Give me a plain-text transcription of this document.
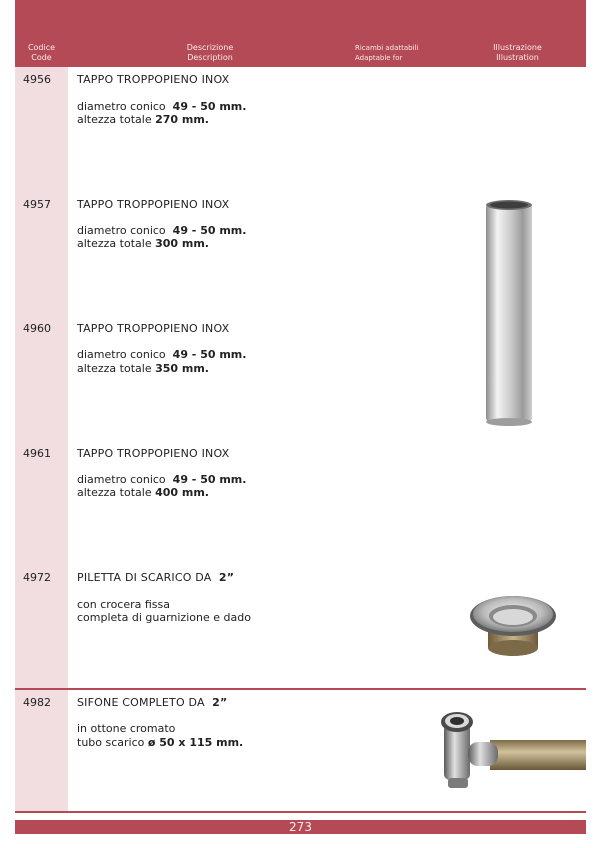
Codice
Code
Descrizione
Description
Ricambi adattabili
Adaptable for
Illustrazione
Illustration
4956 TAPPO TROPPOPIENO INOX
diametro conico 49 - 50 mm.
altezza totale 270 mm.
4957 TAPPO TROPPOPIENO INOX
diametro conico 49 - 50 mm.
altezza totale 300 mm.
4960 TAPPO TROPPOPIENO INOX
diametro conico 49 - 50 mm.
altezza totale 350 mm.
4961 TAPPO TROPPOPIENO INOX
diametro conico 49 - 50 mm.
altezza totale 400 mm.
4972 PILETTA DI SCARICO DA 2”
con crocera fissa
completa di guarnizione e dado
4982 SIFONE COMPLETO DA 2”
in ottone cromato
tubo scarico ø 50 x 115 mm.
273
